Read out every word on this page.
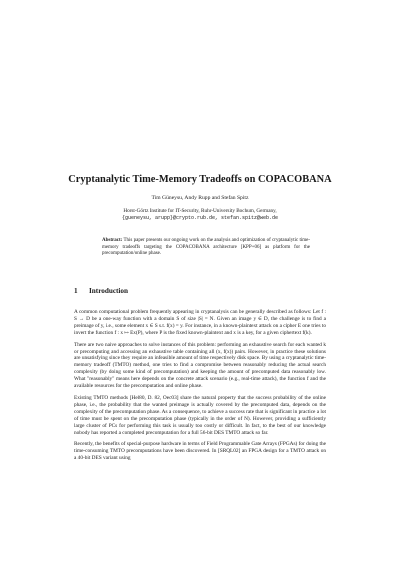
Cryptanalytic Time-Memory Tradeoffs on COPACOBANA
Tim Güneysu, Andy Rupp and Stefan Spitz
Horst-Görtz Institute for IT-Security, Ruhr-University Bochum, Germany,
{gueneysu, arupp}@crypto.rub.de, stefan.spitz@web.de
Abstract: This paper presents our ongoing work on the analysis and optimization of cryptanalytic time-memory tradeoffs targeting the COPACOBANA architecture [KPP+06] as platform for the precomputation/online phase.
1 Introduction

A common computational problem frequently appearing in cryptanalysis can be generally described as follows: Let f : S → D be a one-way function with a domain S of size |S| = N. Given an image y ∈ D, the challenge is to find a preimage of y, i.e., some element x ∈ S s.t. f(x) = y. For instance, in a known-plaintext attack on a cipher E one tries to invert the function f : x ↦ Ex(P), where P is the fixed known-plaintext and x is a key, for a given ciphertext f(k).

There are two naive approaches to solve instances of this problem: performing an exhaustive search for each wanted k or precomputing and accessing an exhaustive table containing all (x, f(x)) pairs. However, in practice these solutions are unsatisfying since they require an infeasible amount of time respectively disk space. By using a cryptanalytic time-memory tradeoff (TMTO) method, one tries to find a compromise between reasonably reducing the actual search complexity (by doing some kind of precomputation) and keeping the amount of precomputed data reasonably low. What "reasonably" means here depends on the concrete attack scenario (e.g., real-time attack), the function f and the available resources for the precomputation and online phase.

Existing TMTO methods [Hel80, D. 82, Oec03] share the natural property that the success probability of the online phase, i.e., the probability that the wanted preimage is actually covered by the precomputed data, depends on the complexity of the precomputation phase. As a consequence, to achieve a success rate that is significant in practice a lot of time must be spent on the precomputation phase (typically in the order of N). However, providing a sufficiently large cluster of PCs for performing this task is usually too costly or difficult. In fact, to the best of our knowledge nobody has reported a completed precomputation for a full 56-bit DES TMTO attack so far.

Recently, the benefits of special-purpose hardware in terms of Field Programmable Gate Arrays (FPGAs) for doing the time-consuming TMTO precomputations have been discovered. In [SRQL02] an FPGA design for a TMTO attack on a 40-bit DES variant using
